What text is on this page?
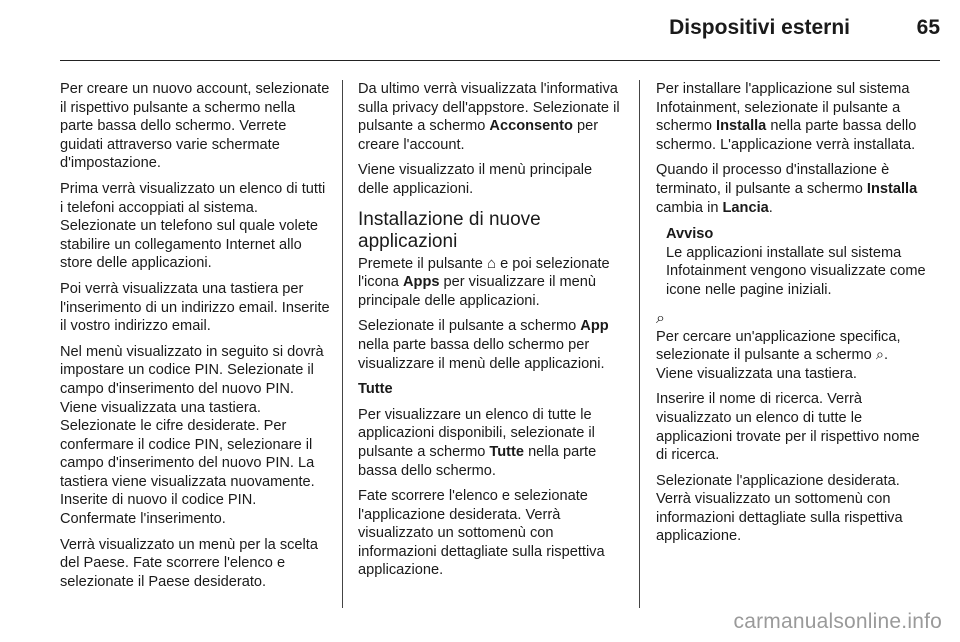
Dispositivi esterni	65

Per creare un nuovo account, selezionate il rispettivo pulsante a schermo nella parte bassa dello schermo. Verrete guidati attraverso varie schermate d'impostazione.

Prima verrà visualizzato un elenco di tutti i telefoni accoppiati al sistema. Selezionate un telefono sul quale volete stabilire un collegamento Internet allo store delle applicazioni.

Poi verrà visualizzata una tastiera per l'inserimento di un indirizzo email. Inserite il vostro indirizzo email.

Nel menù visualizzato in seguito si dovrà impostare un codice PIN. Selezionate il campo d'inserimento del nuovo PIN. Viene visualizzata una tastiera. Selezionate le cifre desiderate. Per confermare il codice PIN, selezionare il campo d'inserimento del nuovo PIN. La tastiera viene visualizzata nuovamente. Inserite di nuovo il codice PIN. Confermate l'inserimento.

Verrà visualizzato un menù per la scelta del Paese. Fate scorrere l'elenco e selezionate il Paese desiderato.

Da ultimo verrà visualizzata l'informativa sulla privacy dell'appstore. Selezionate il pulsante a schermo Acconsento per creare l'account.

Viene visualizzato il menù principale delle applicazioni.

Installazione di nuove applicazioni

Premete il pulsante ⌂ e poi selezionate l'icona Apps per visualizzare il menù principale delle applicazioni.

Selezionate il pulsante a schermo App nella parte bassa dello schermo per visualizzare il menù delle applicazioni.

Tutte

Per visualizzare un elenco di tutte le applicazioni disponibili, selezionate il pulsante a schermo Tutte nella parte bassa dello schermo.

Fate scorrere l'elenco e selezionate l'applicazione desiderata. Verrà visualizzato un sottomenù con informazioni dettagliate sulla rispettiva applicazione.

Per installare l'applicazione sul sistema Infotainment, selezionate il pulsante a schermo Installa nella parte bassa dello schermo. L'applicazione verrà installata.

Quando il processo d'installazione è terminato, il pulsante a schermo Installa cambia in Lancia.

Avviso
Le applicazioni installate sul sistema Infotainment vengono visualizzate come icone nelle pagine iniziali.
⌕

Per cercare un'applicazione specifica, selezionate il pulsante a schermo ⌕. Viene visualizzata una tastiera.

Inserire il nome di ricerca. Verrà visualizzato un elenco di tutte le applicazioni trovate per il rispettivo nome di ricerca.

Selezionate l'applicazione desiderata. Verrà visualizzato un sottomenù con informazioni dettagliate sulla rispettiva applicazione.

carmanualsonline.info
